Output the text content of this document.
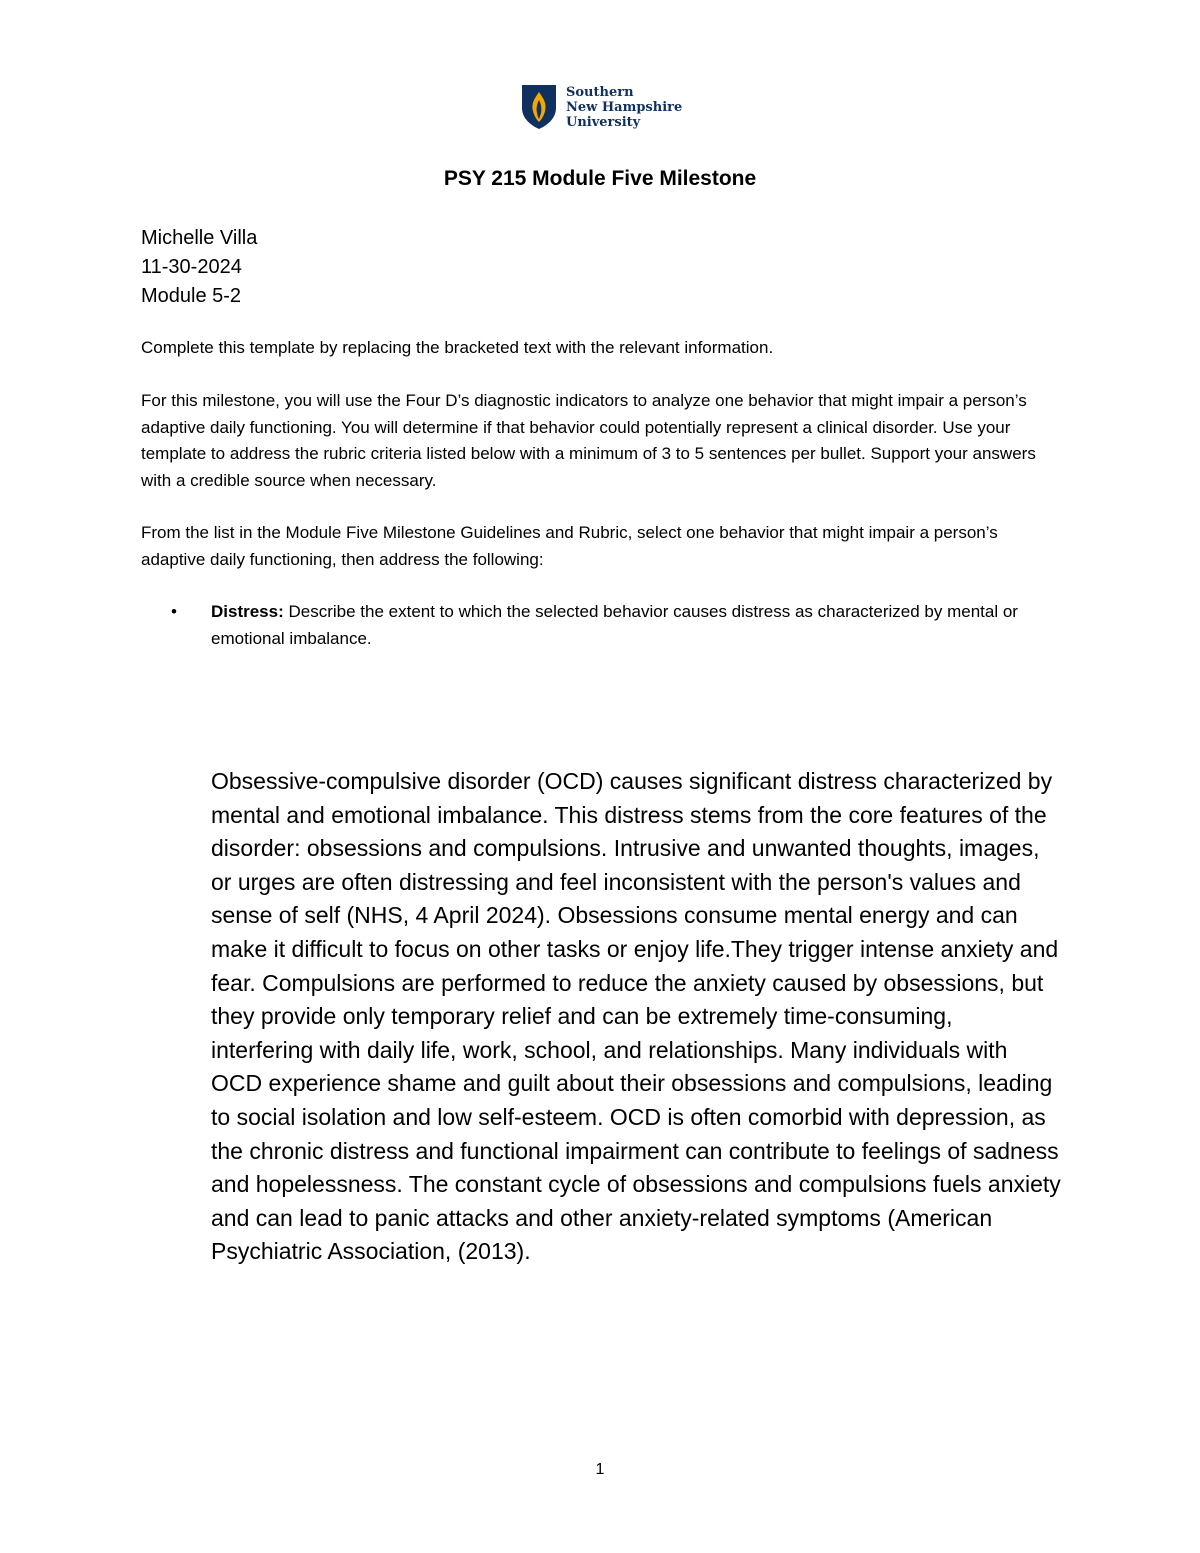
Southern
New Hampshire
University
PSY 215 Module Five Milestone
Michelle Villa
11-30-2024
Module 5-2
Complete this template by replacing the bracketed text with the relevant information.
For this milestone, you will use the Four D’s diagnostic indicators to analyze one behavior that might impair a person’s adaptive daily functioning. You will determine if that behavior could potentially represent a clinical disorder. Use your template to address the rubric criteria listed below with a minimum of 3 to 5 sentences per bullet. Support your answers with a credible source when necessary.
From the list in the Module Five Milestone Guidelines and Rubric, select one behavior that might impair a person’s adaptive daily functioning, then address the following:
• Distress: Describe the extent to which the selected behavior causes distress as characterized by mental or emotional imbalance.
Obsessive-compulsive disorder (OCD) causes significant distress characterized by mental and emotional imbalance. This distress stems from the core features of the disorder: obsessions and compulsions. Intrusive and unwanted thoughts, images, or urges are often distressing and feel inconsistent with the person's values and sense of self (NHS, 4 April 2024). Obsessions consume mental energy and can make it difficult to focus on other tasks or enjoy life.They trigger intense anxiety and fear. Compulsions are performed to reduce the anxiety caused by obsessions, but they provide only temporary relief and can be extremely time-consuming, interfering with daily life, work, school, and relationships. Many individuals with OCD experience shame and guilt about their obsessions and compulsions, leading to social isolation and low self-esteem. OCD is often comorbid with depression, as the chronic distress and functional impairment can contribute to feelings of sadness and hopelessness. The constant cycle of obsessions and compulsions fuels anxiety and can lead to panic attacks and other anxiety-related symptoms (American Psychiatric Association, (2013).
1
